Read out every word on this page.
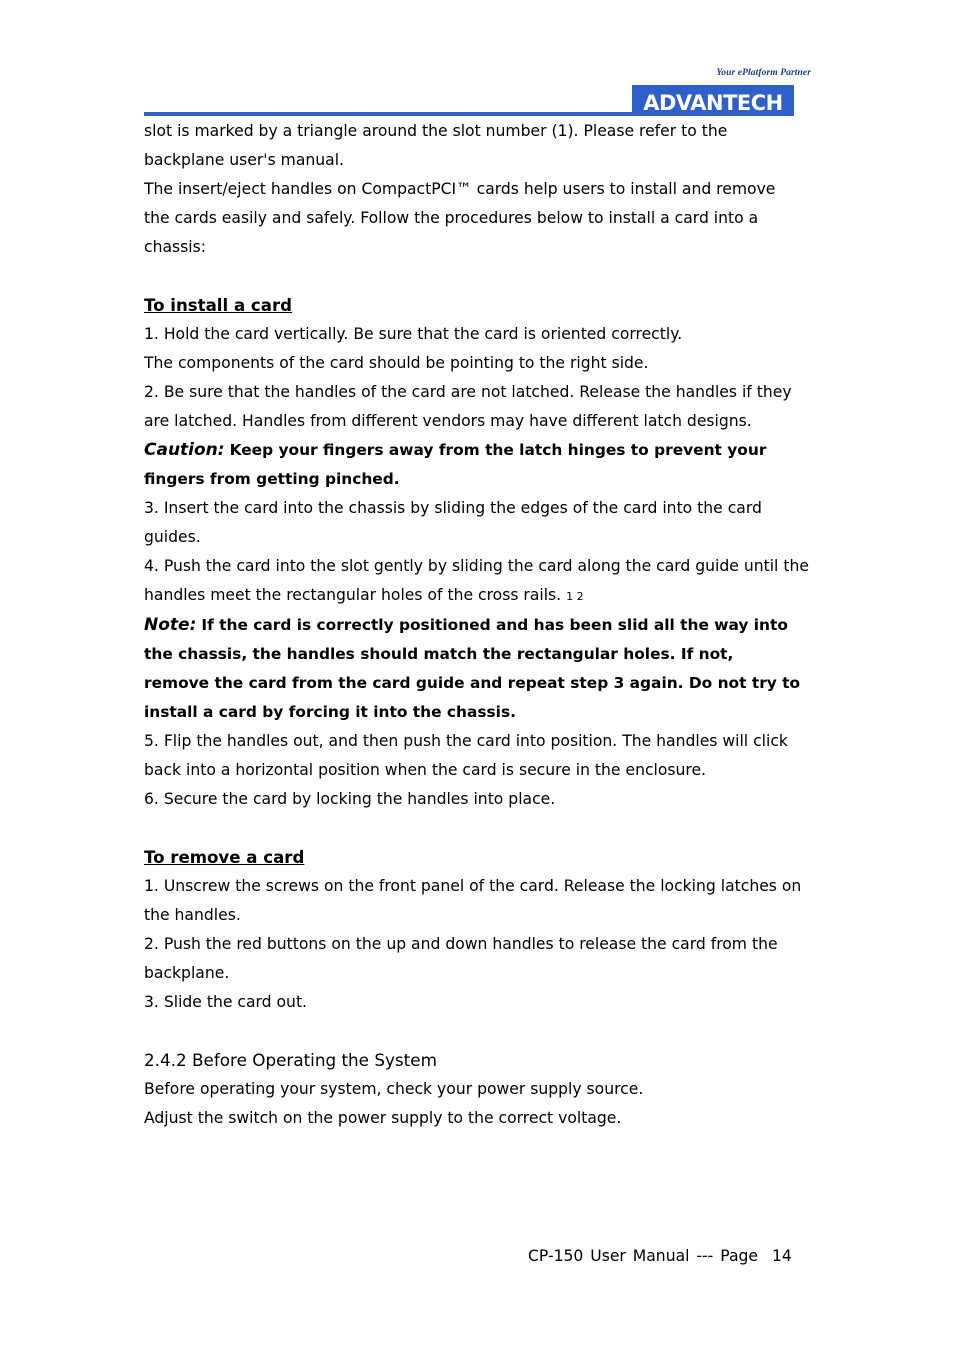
Your ePlatform Partner
ADVANTECH

slot is marked by a triangle around the slot number (1). Please refer to the

backplane user's manual.

The insert/eject handles on CompactPCI™ cards help users to install and remove

the cards easily and safely. Follow the procedures below to install a card into a

chassis:

To install a card

1. Hold the card vertically. Be sure that the card is oriented correctly.

The components of the card should be pointing to the right side.

2. Be sure that the handles of the card are not latched. Release the handles if they

are latched. Handles from different vendors may have different latch designs.

Caution: Keep your fingers away from the latch hinges to prevent your

fingers from getting pinched.

3. Insert the card into the chassis by sliding the edges of the card into the card

guides.

4. Push the card into the slot gently by sliding the card along the card guide until the

handles meet the rectangular holes of the cross rails. 1 2

Note: If the card is correctly positioned and has been slid all the way into

the chassis, the handles should match the rectangular holes. If not,

remove the card from the card guide and repeat step 3 again. Do not try to

install a card by forcing it into the chassis.

5. Flip the handles out, and then push the card into position. The handles will click

back into a horizontal position when the card is secure in the enclosure.

6. Secure the card by locking the handles into place.

To remove a card

1. Unscrew the screws on the front panel of the card. Release the locking latches on

the handles.

2. Push the red buttons on the up and down handles to release the card from the

backplane.

3. Slide the card out.

2.4.2 Before Operating the System

Before operating your system, check your power supply source.

Adjust the switch on the power supply to the correct voltage.

CP-150 User Manual --- Page 14
